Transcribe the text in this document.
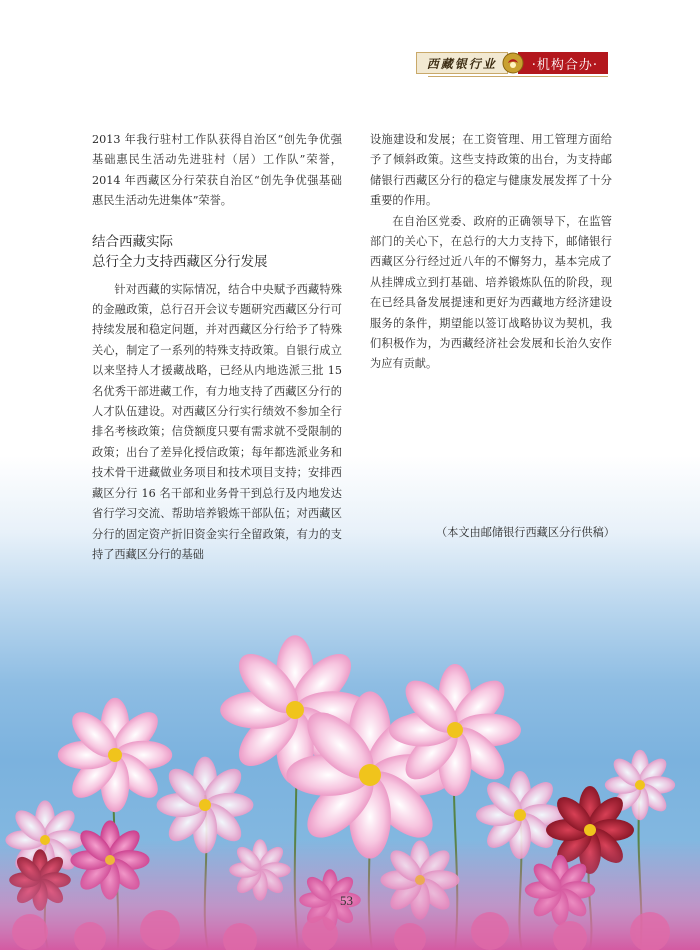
西藏银行业	·机构合办·

2013 年我行驻村工作队获得自治区“创先争优强基础惠民生活动先进驻村（居）工作队”荣誉，2014 年西藏区分行荣获自治区“创先争优强基础惠民生活动先进集体”荣誉。

结合西藏实际
总行全力支持西藏区分行发展

针对西藏的实际情况，结合中央赋予西藏特殊的金融政策，总行召开会议专题研究西藏区分行可持续发展和稳定问题，并对西藏区分行给予了特殊关心，制定了一系列的特殊支持政策。自银行成立以来坚持人才援藏战略，已经从内地选派三批 15 名优秀干部进藏工作，有力地支持了西藏区分行的人才队伍建设。对西藏区分行实行绩效不参加全行排名考核政策；信贷额度只要有需求就不受限制的政策；出台了差异化授信政策；每年都选派业务和技术骨干进藏做业务项目和技术项目支持；安排西藏区分行 16 名干部和业务骨干到总行及内地发达省行学习交流、帮助培养锻炼干部队伍；对西藏区分行的固定资产折旧资金实行全留政策，有力的支持了西藏区分行的基础

设施建设和发展；在工资管理、用工管理方面给予了倾斜政策。这些支持政策的出台，为支持邮储银行西藏区分行的稳定与健康发展发挥了十分重要的作用。

在自治区党委、政府的正确领导下，在监管部门的关心下，在总行的大力支持下，邮储银行西藏区分行经过近八年的不懈努力，基本完成了从挂牌成立到打基础、培养锻炼队伍的阶段，现在已经具备发展提速和更好为西藏地方经济建设服务的条件，期望能以签订战略协议为契机，我们积极作为，为西藏经济社会发展和长治久安作为应有贡献。

（本文由邮储银行西藏区分行供稿）
53
